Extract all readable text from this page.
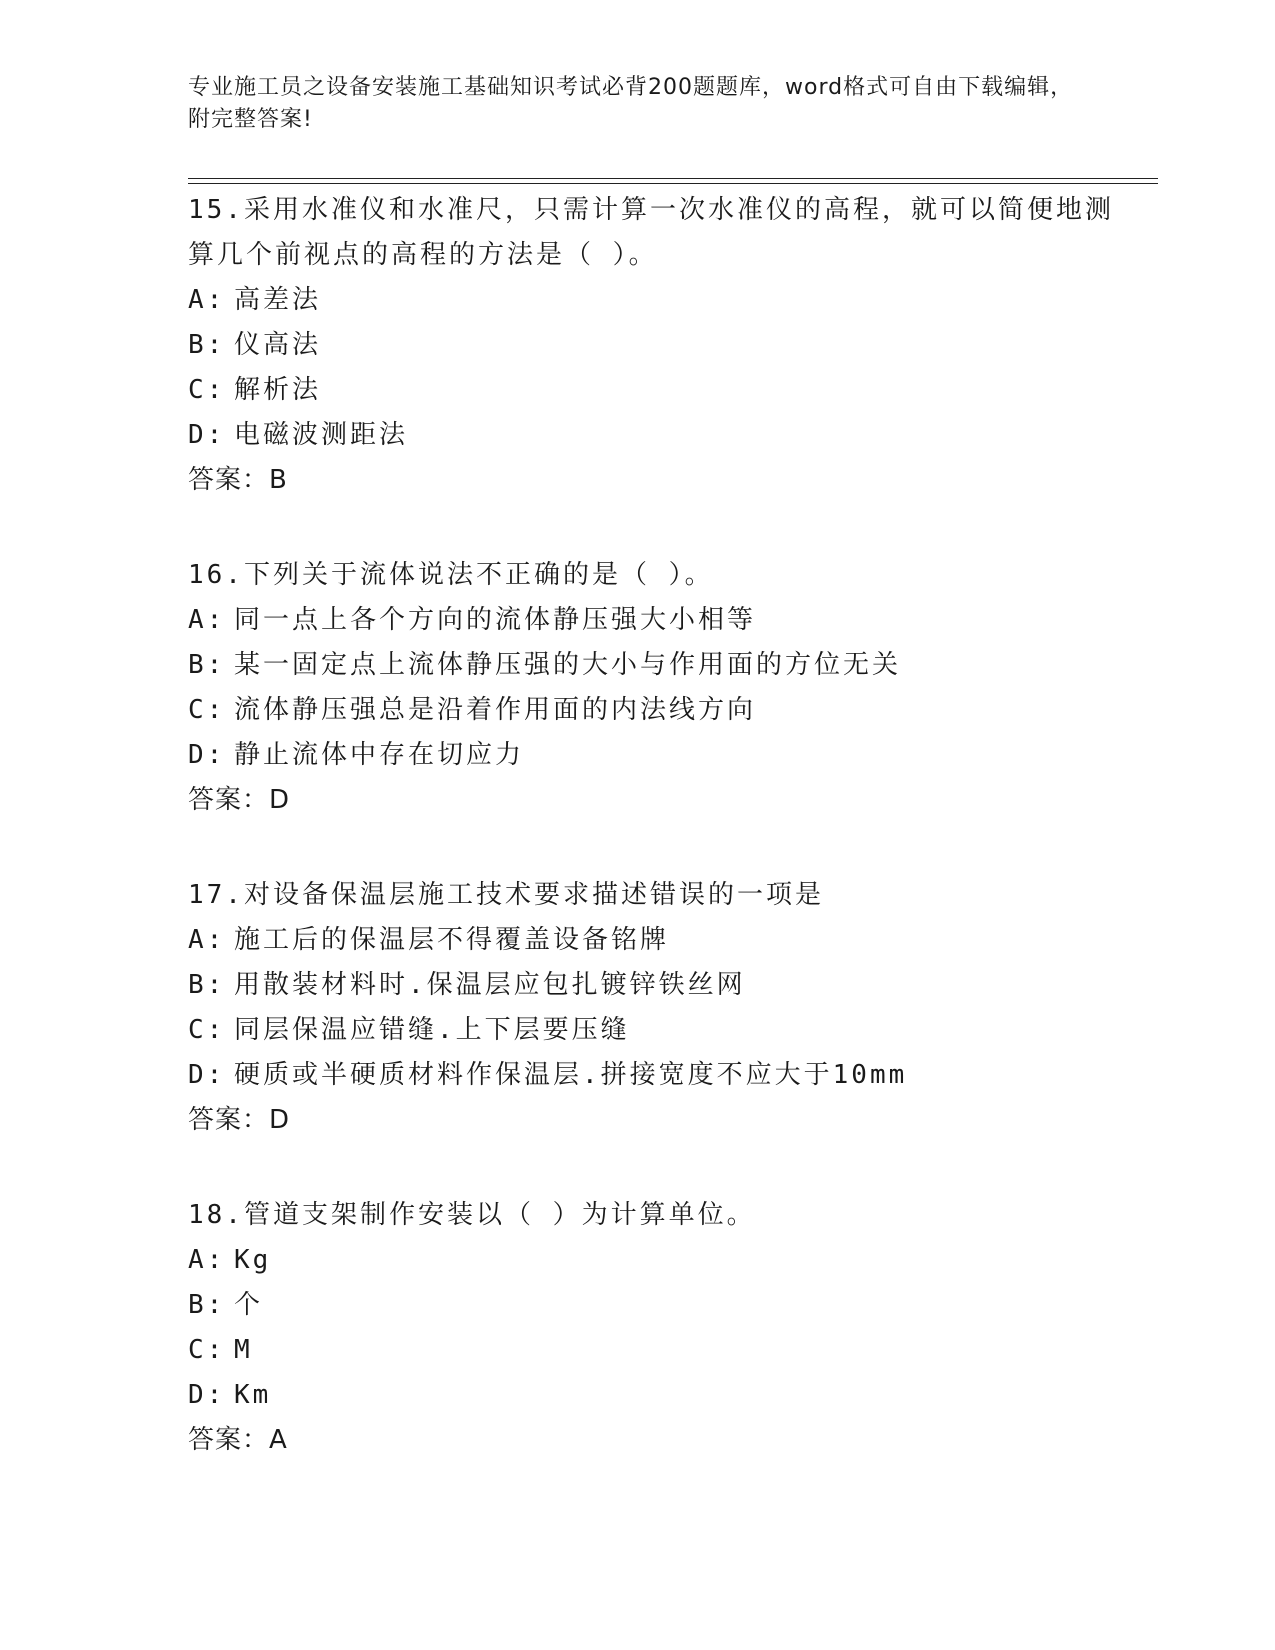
专业施工员之设备安装施工基础知识考试必背200题题库，word格式可自由下载编辑，附完整答案!

15.采用水准仪和水准尺，只需计算一次水准仪的高程，就可以简便地测算几个前视点的高程的方法是（ ）。

A: 高差法

B: 仪高法

C: 解析法

D: 电磁波测距法

答案：B

16.下列关于流体说法不正确的是（ ）。

A: 同一点上各个方向的流体静压强大小相等

B: 某一固定点上流体静压强的大小与作用面的方位无关

C: 流体静压强总是沿着作用面的内法线方向

D: 静止流体中存在切应力

答案：D

17.对设备保温层施工技术要求描述错误的一项是

A: 施工后的保温层不得覆盖设备铭牌

B: 用散装材料时.保温层应包扎镀锌铁丝网

C: 同层保温应错缝.上下层要压缝

D: 硬质或半硬质材料作保温层.拼接宽度不应大于10mm

答案：D

18.管道支架制作安装以（ ）为计算单位。

A: Kg

B: 个

C: M

D: Km

答案：A
